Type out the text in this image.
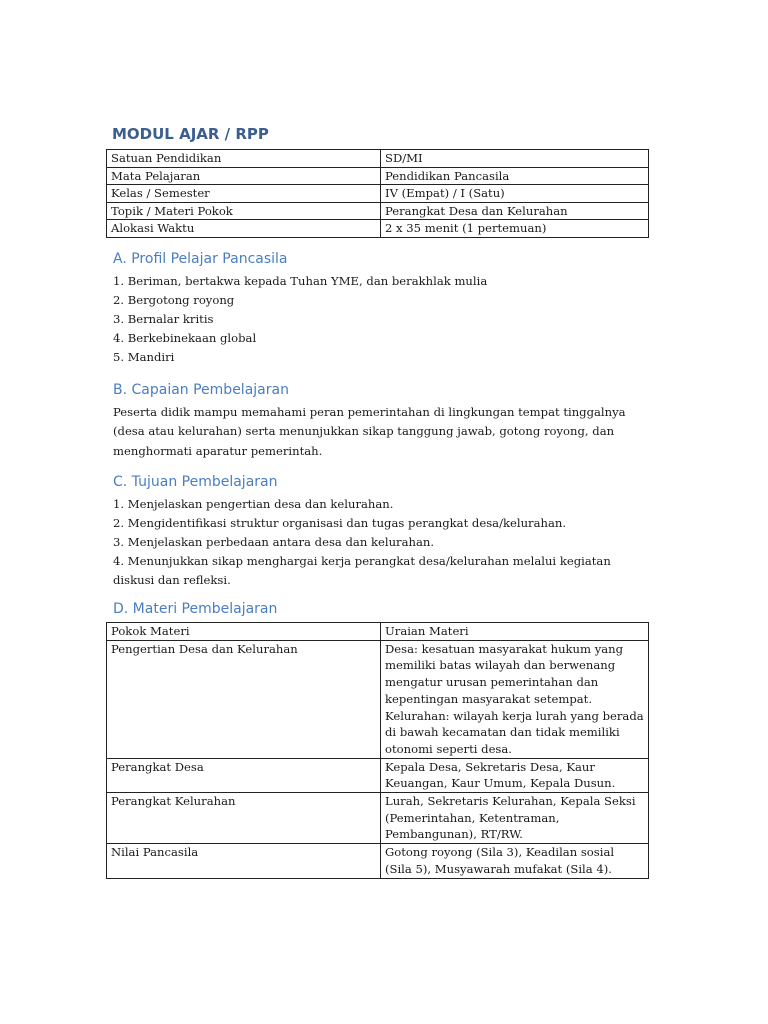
MODUL AJAR / RPP
Satuan Pendidikan	SD/MI
Mata Pelajaran	Pendidikan Pancasila
Kelas / Semester	IV (Empat) / I (Satu)
Topik / Materi Pokok	Perangkat Desa dan Kelurahan
Alokasi Waktu	2 x 35 menit (1 pertemuan)
A. Profil Pelajar Pancasila
1. Beriman, bertakwa kepada Tuhan YME, dan berakhlak mulia
2. Bergotong royong
3. Bernalar kritis
4. Berkebinekaan global
5. Mandiri
B. Capaian Pembelajaran

Peserta didik mampu memahami peran pemerintahan di lingkungan tempat tinggalnya (desa atau kelurahan) serta menunjukkan sikap tanggung jawab, gotong royong, dan menghormati aparatur pemerintah.

C. Tujuan Pembelajaran
1. Menjelaskan pengertian desa dan kelurahan.
2. Mengidentifikasi struktur organisasi dan tugas perangkat desa/kelurahan.
3. Menjelaskan perbedaan antara desa dan kelurahan.
4. Menunjukkan sikap menghargai kerja perangkat desa/kelurahan melalui kegiatan diskusi dan refleksi.
D. Materi Pembelajaran
Pokok Materi	Uraian Materi
Pengertian Desa dan Kelurahan	Desa: kesatuan masyarakat hukum yang memiliki batas wilayah dan berwenang mengatur urusan pemerintahan dan kepentingan masyarakat setempat.
Kelurahan: wilayah kerja lurah yang berada di bawah kecamatan dan tidak memiliki otonomi seperti desa.

Perangkat Desa	Kepala Desa, Sekretaris Desa, Kaur Keuangan, Kaur Umum, Kepala Dusun.
Perangkat Kelurahan	Lurah, Sekretaris Kelurahan, Kepala Seksi (Pemerintahan, Ketentraman, Pembangunan), RT/RW.
Nilai Pancasila	Gotong royong (Sila 3), Keadilan sosial (Sila 5), Musyawarah mufakat (Sila 4).
